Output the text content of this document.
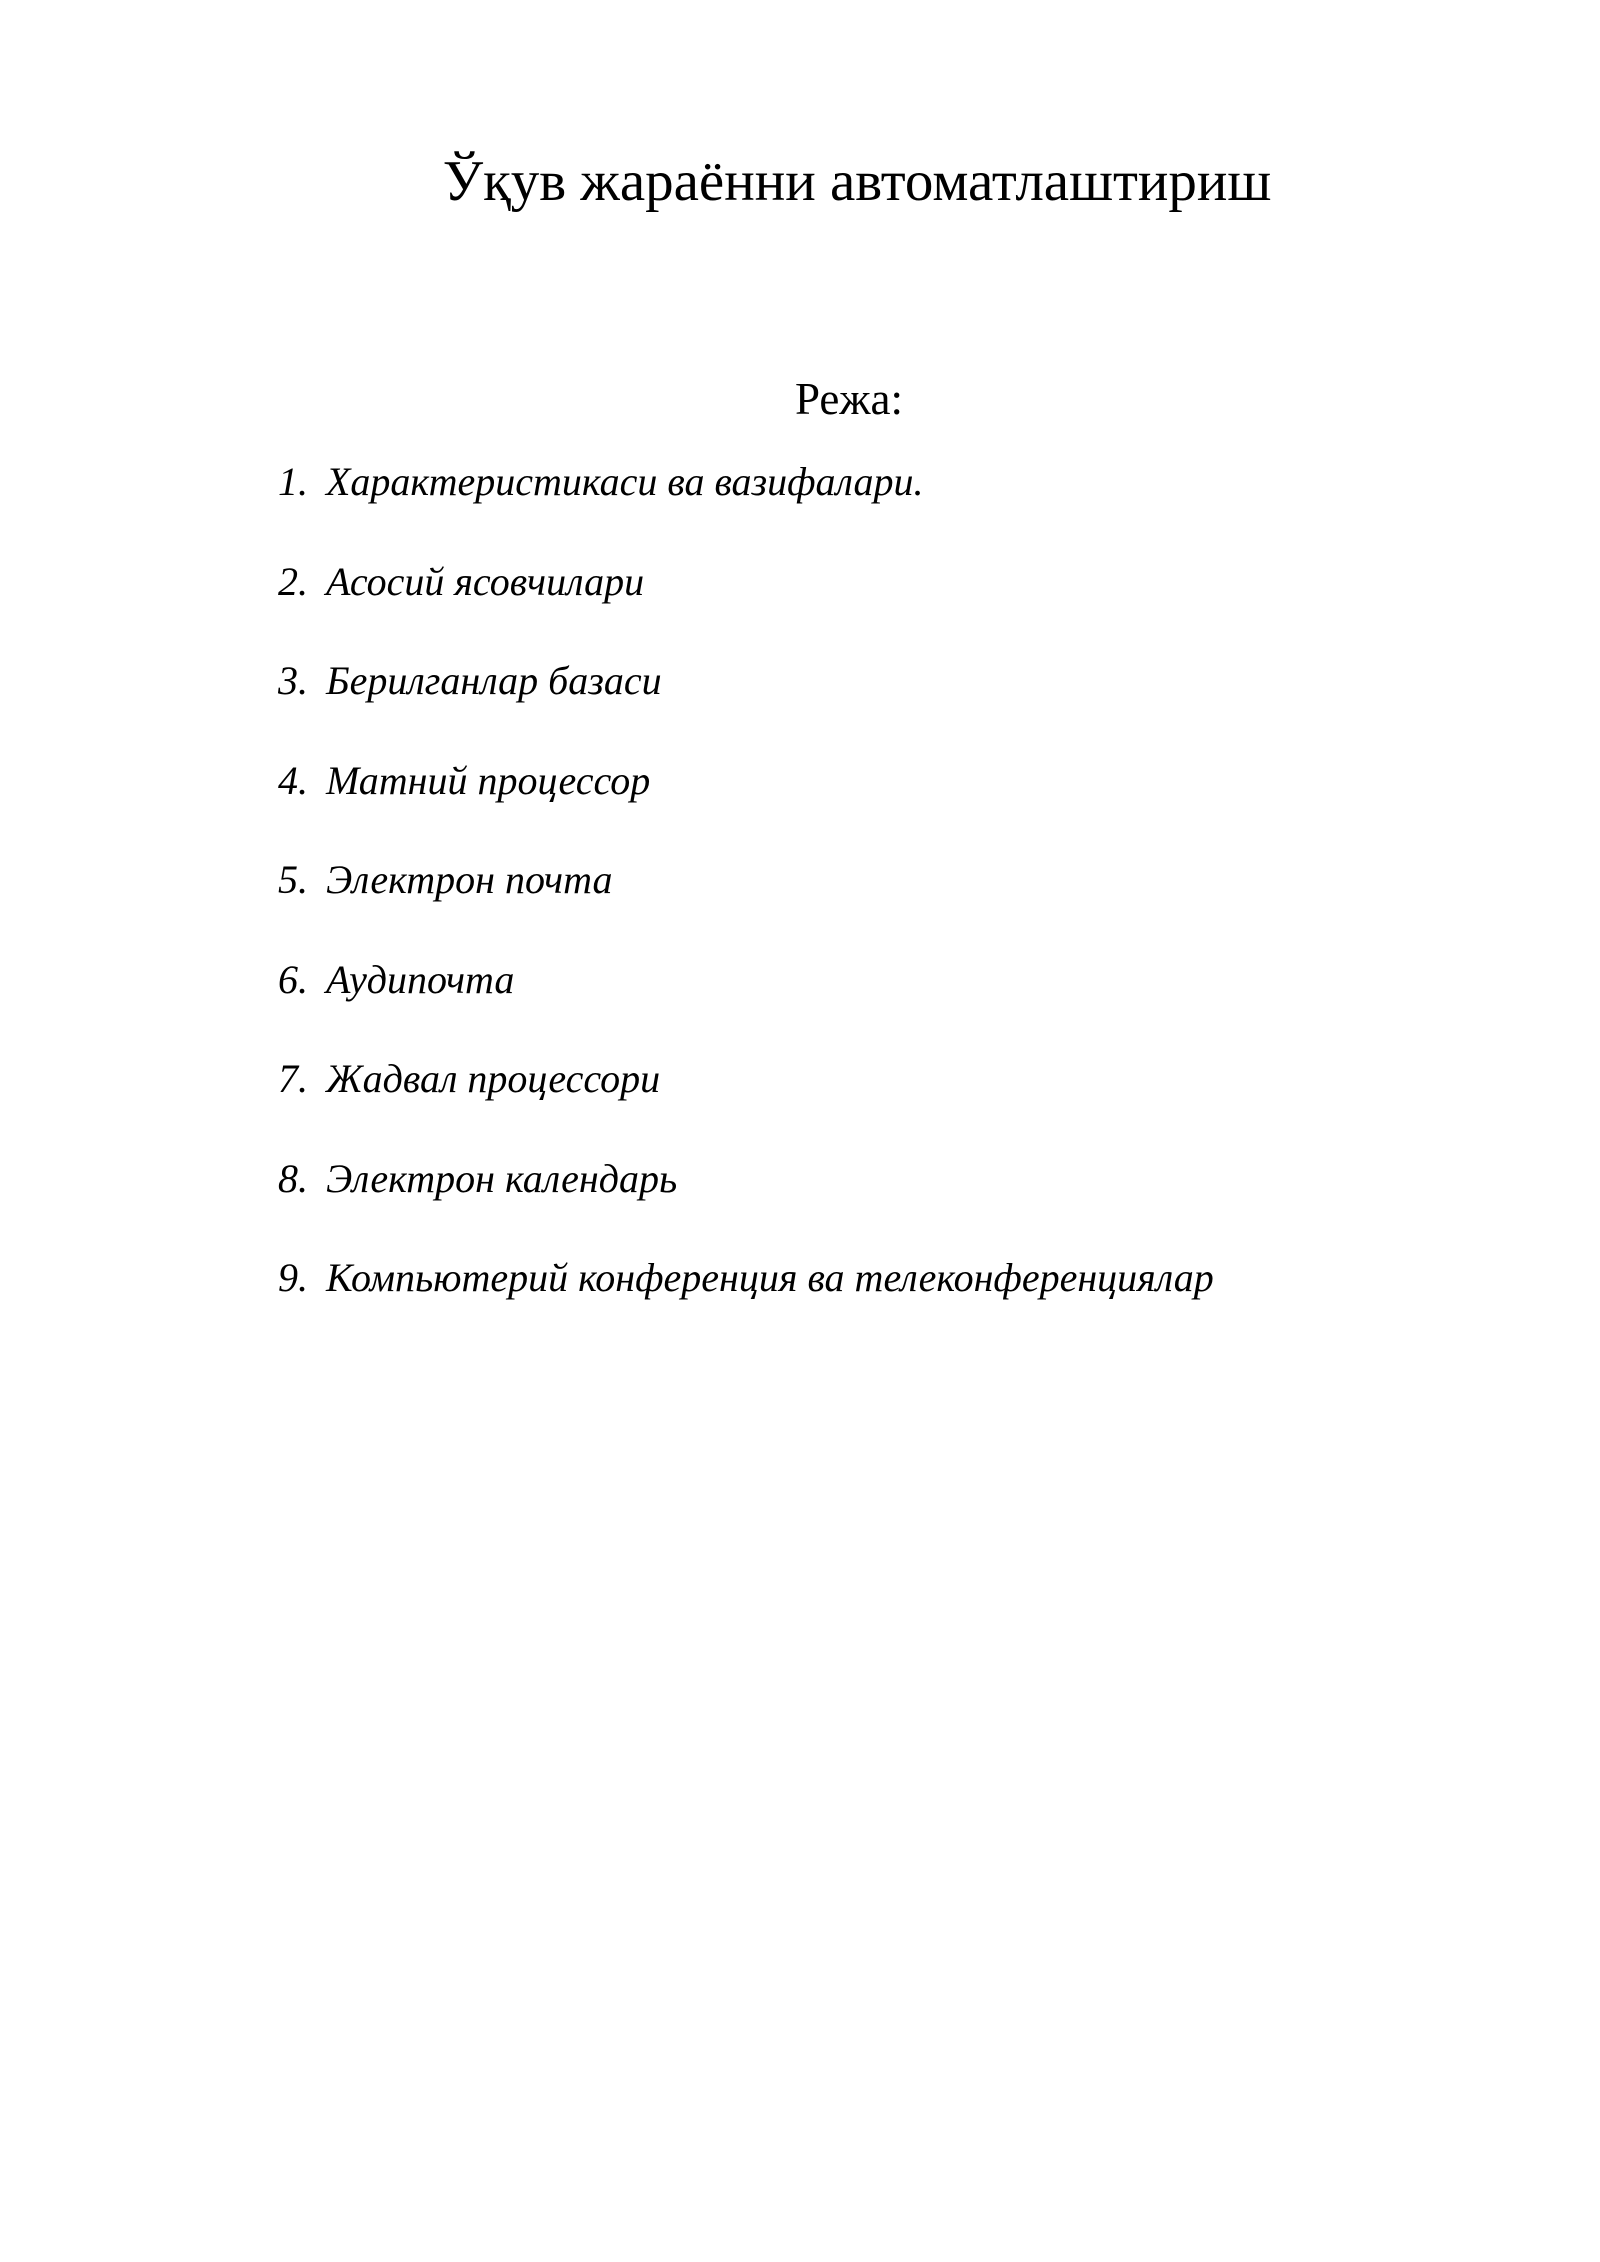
Ўқув жараённи автоматлаштириш
Режа:
1. Характеристикаси ва вазифалари.
2. Асосий ясовчилари
3. Берилганлар базаси
4. Матний процессор
5. Электрон почта
6. Аудипочта
7. Жадвал процессори
8. Электрон календарь
9. Компьютерий конференция ва телеконференциялар
